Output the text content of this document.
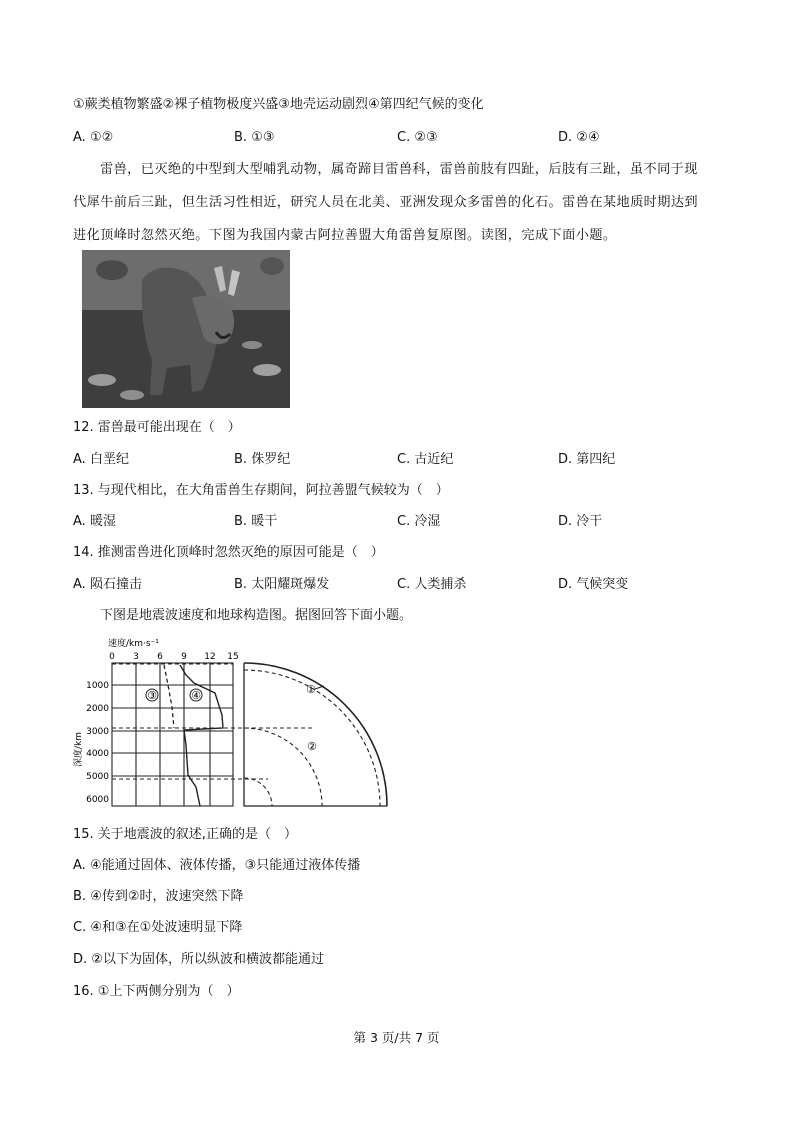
①蕨类植物繁盛②裸子植物极度兴盛③地壳运动剧烈④第四纪气候的变化
A. ①②	B. ①③	C. ②③	D. ②④

雷兽，已灭绝的中型到大型哺乳动物，属奇蹄目雷兽科，雷兽前肢有四趾，后肢有三趾，虽不同于现

代犀牛前后三趾，但生活习性相近，研究人员在北美、亚洲发现众多雷兽的化石。雷兽在某地质时期达到

进化顶峰时忽然灭绝。下图为我国内蒙古阿拉善盟大角雷兽复原图。读图，完成下面小题。

12. 雷兽最可能出现在（　）
A. 白垩纪	B. 侏罗纪	C. 古近纪	D. 第四纪
13. 与现代相比，在大角雷兽生存期间，阿拉善盟气候较为（　）
A. 暖湿	B. 暖干	C. 冷湿	D. 冷干
14. 推测雷兽进化顶峰时忽然灭绝的原因可能是（　）
A. 陨石撞击	B. 太阳耀斑爆发	C. 人类捕杀	D. 气候突变
下图是地震波速度和地球构造图。据图回答下面小题。
速度/km·s⁻¹
深度/km
0 3 6 9 12 15
1000
2000
3000
4000
5000
6000
③	④	①
②
15. 关于地震波的叙述,正确的是（　）
A. ④能通过固体、液体传播，③只能通过液体传播
B. ④传到②时，波速突然下降
C. ④和③在①处波速明显下降
D. ②以下为固体，所以纵波和横波都能通过
16. ①上下两侧分别为（　）
第 3 页/共 7 页
